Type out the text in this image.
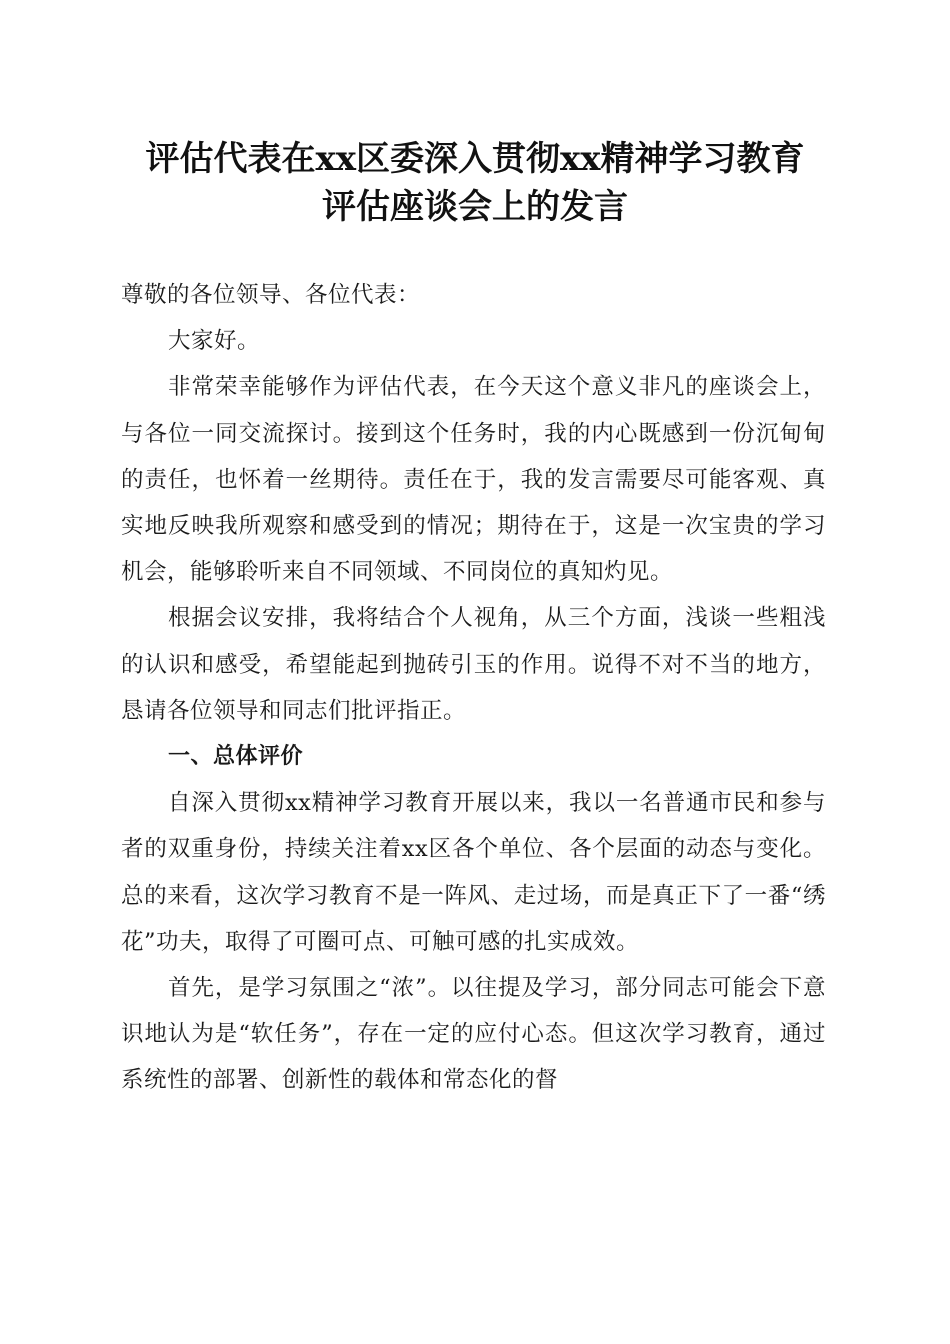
评估代表在xx区委深入贯彻xx精神学习教育
评估座谈会上的发言

尊敬的各位领导、各位代表：

大家好。

非常荣幸能够作为评估代表，在今天这个意义非凡的座谈会上，与各位一同交流探讨。接到这个任务时，我的内心既感到一份沉甸甸的责任，也怀着一丝期待。责任在于，我的发言需要尽可能客观、真实地反映我所观察和感受到的情况；期待在于，这是一次宝贵的学习机会，能够聆听来自不同领域、不同岗位的真知灼见。

根据会议安排，我将结合个人视角，从三个方面，浅谈一些粗浅的认识和感受，希望能起到抛砖引玉的作用。说得不对不当的地方，恳请各位领导和同志们批评指正。

一、总体评价

自深入贯彻xx精神学习教育开展以来，我以一名普通市民和参与者的双重身份，持续关注着xx区各个单位、各个层面的动态与变化。总的来看，这次学习教育不是一阵风、走过场，而是真正下了一番“绣花”功夫，取得了可圈可点、可触可感的扎实成效。

首先，是学习氛围之“浓”。以往提及学习，部分同志可能会下意识地认为是“软任务”，存在一定的应付心态。但这次学习教育，通过系统性的部署、创新性的载体和常态化的督
